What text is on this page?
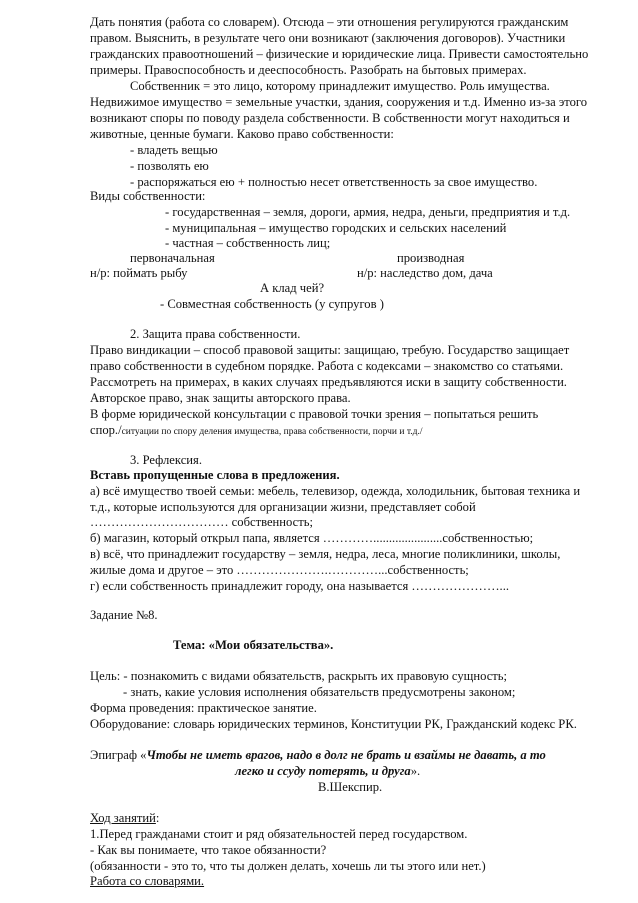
Дать понятия (работа со словарем). Отсюда – эти отношения регулируются гражданским
правом. Выяснить, в результате чего они возникают (заключения договоров). Участники
гражданских правоотношений – физические и юридические лица. Привести самостоятельно
примеры. Правоспособность и дееспособность. Разобрать на бытовых примерах.
Собственник = это лицо, которому принадлежит имущество. Роль имущества.
Недвижимое имущество = земельные участки, здания, сооружения и т.д. Именно из-за этого
возникают споры по поводу раздела собственности. В собственности могут находиться и
животные, ценные бумаги. Каково право собственности:
- владеть вещью
- позволять ею
- распоряжаться ею + полностью несет ответственность за свое имущество.
Виды собственности:
- государственная – земля, дороги, армия, недра, деньги, предприятия и т.д.
- муниципальная – имущество городских и сельских населений
- частная – собственность лиц;
первоначальная	производная
н/р: поймать рыбу	н/р: наследство дом, дача
А клад чей?
- Совместная собственность (у супругов )
2. Защита права собственности.
Право виндикации – способ правовой защиты: защищаю, требую. Государство защищает
право собственности в судебном порядке. Работа с кодексами – знакомство со статьями.
Рассмотреть на примерах, в каких случаях предъявляются иски в защиту собственности.
Авторское право, знак защиты авторского права.
В форме юридической консультации с правовой точки зрения – попытаться решить
спор./ситуации по спору деления имущества, права собственности, порчи и т.д./
3. Рефлексия.
Вставь пропущенные слова в предложения.
а) всё имущество твоей семьи: мебель, телевизор, одежда, холодильник, бытовая техника и
т.д., которые используются для организации жизни, представляет собой
…………………………… собственность;
б) магазин, который открыл папа, является …………......................собственностью;
в) всё, что принадлежит государству – земля, недра, леса, многие поликлиники, школы,
жилые дома и другое – это ………………….…………...собственность;
г) если собственность принадлежит городу, она называется …………………...
Задание №8.
Тема: «Мои обязательства».
Цель: - познакомить с видами обязательств, раскрыть их правовую сущность;
- знать, какие условия исполнения обязательств предусмотрены законом;
Форма проведения: практическое занятие.
Оборудование: словарь юридических терминов, Конституции РК, Гражданский кодекс РК.
Эпиграф «Чтобы не иметь врагов, надо в долг не брать и взаймы не давать, а то
легко и ссуду потерять, и друга».
В.Шекспир.
Ход занятий:
1.Перед гражданами стоит и ряд обязательностей перед государством.
- Как вы понимаете, что такое обязанности?
(обязанности - это то, что ты должен делать, хочешь ли ты этого или нет.)
Работа со словарями.
